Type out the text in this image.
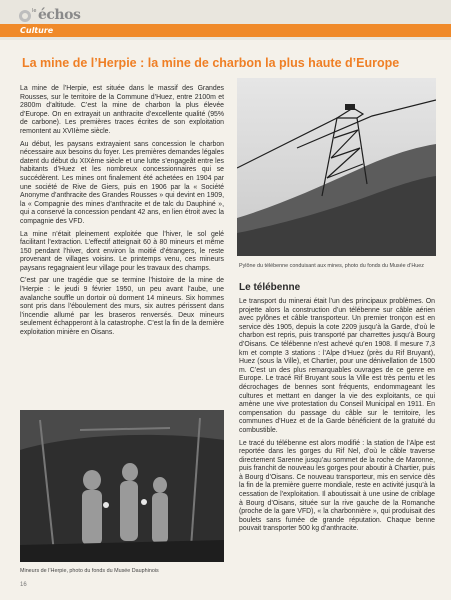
le échos
Culture
La mine de l’Herpie : la mine de charbon la plus haute d’Europe

La mine de l’Herpie, est située dans le massif des Grandes Rousses, sur le territoire de la Commune d’Huez, entre 2100m et 2800m d’altitude. C’est la mine de charbon la plus élevée d’Europe. On en extrayait un anthracite d’excellente qualité (95% de carbone). Les premières traces écrites de son exploitation remontent au XVIIème siècle.

Au début, les paysans extrayaient sans concession le charbon nécessaire aux besoins du foyer. Les premières demandes légales datent du début du XIXème siècle et une lutte s’engageât entre les habitants d’Huez et les nombreux concessionnaires qui se succédèrent. Les mines ont finalement été achetées en 1904 par une société de Rive de Giers, puis en 1906 par la « Société Anonyme d’anthracite des Grandes Rousses » qui devint en 1909, la « Compagnie des mines d’anthracite et de talc du Dauphiné », qui a conservé la concession pendant 42 ans, en lien étroit avec la compagnie des VFD.

La mine n’était pleinement exploitée que l’hiver, le sol gelé facilitant l’extraction. L’effectif atteignait 60 à 80 mineurs et même 150 pendant l’hiver, dont environ la moitié d’étrangers, le reste provenant de villages voisins. Le printemps venu, ces mineurs paysans regagnaient leur village pour les travaux des champs.

C’est par une tragédie que se termine l’histoire de la mine de l’Herpie : le jeudi 9 février 1950, un peu avant l’aube, une avalanche souffle un dortoir où dorment 14 mineurs. Six hommes sont pris dans l’éboulement des murs, six autres périssent dans l’incendie allumé par les braseros renversés. Deux mineurs seulement échapperont à la catastrophe. C’est la fin de la dernière exploitation minière en Oisans.

Pylône du télébenne conduisant aux mines, photo du fonds du Musée d’Huez
Le télébenne

Le transport du minerai était l’un des principaux problèmes. On projette alors la construction d’un télébenne sur câble aérien avec pylônes et câble transporteur. Un premier tronçon est en service dès 1905, depuis la cote 2209 jusqu’à la Garde, d’où le charbon est repris, puis transporté par charrettes jusqu’à Bourg d’Oisans. Ce télébenne n’est achevé qu’en 1908. Il mesure 7,3 km et compte 3 stations : l’Alpe d’Huez (près du Rif Bruyant), Huez (sous la Ville), et Chartier, pour une dénivellation de 1500 m. C’est un des plus remarquables ouvrages de ce genre en Europe. Le tracé Rif Bruyant sous la Ville est très pentu et les décrochages de bennes sont fréquents, endommageant les cultures et mettant en danger la vie des exploitants, ce qui amène une vive protestation du Conseil Municipal en 1911. En compensation du passage du câble sur le territoire, les communes d’Huez et de la Garde bénéficient de la gratuité du combustible.

Le tracé du télébenne est alors modifié : la station de l’Alpe est reportée dans les gorges du Rif Nel, d’où le câble traverse directement Sarenne jusqu’au sommet de la roche de Maronne, puis franchit de nouveau les gorges pour aboutir à Chartier, puis à Bourg d’Oisans. Ce nouveau transporteur, mis en service dès la fin de la première guerre mondiale, reste en activité jusqu’à la cessation de l’exploitation. Il aboutissait à une usine de criblage à Bourg d’Oisans, située sur la rive gauche de la Romanche (proche de la gare VFD), « la charbonnière », qui produisait des boulets sans fumée de grande réputation. Chaque benne pouvait transporter 500 kg d’anthracite.

Mineurs de l’Herpie, photo du fonds du Musée Dauphinois
16
